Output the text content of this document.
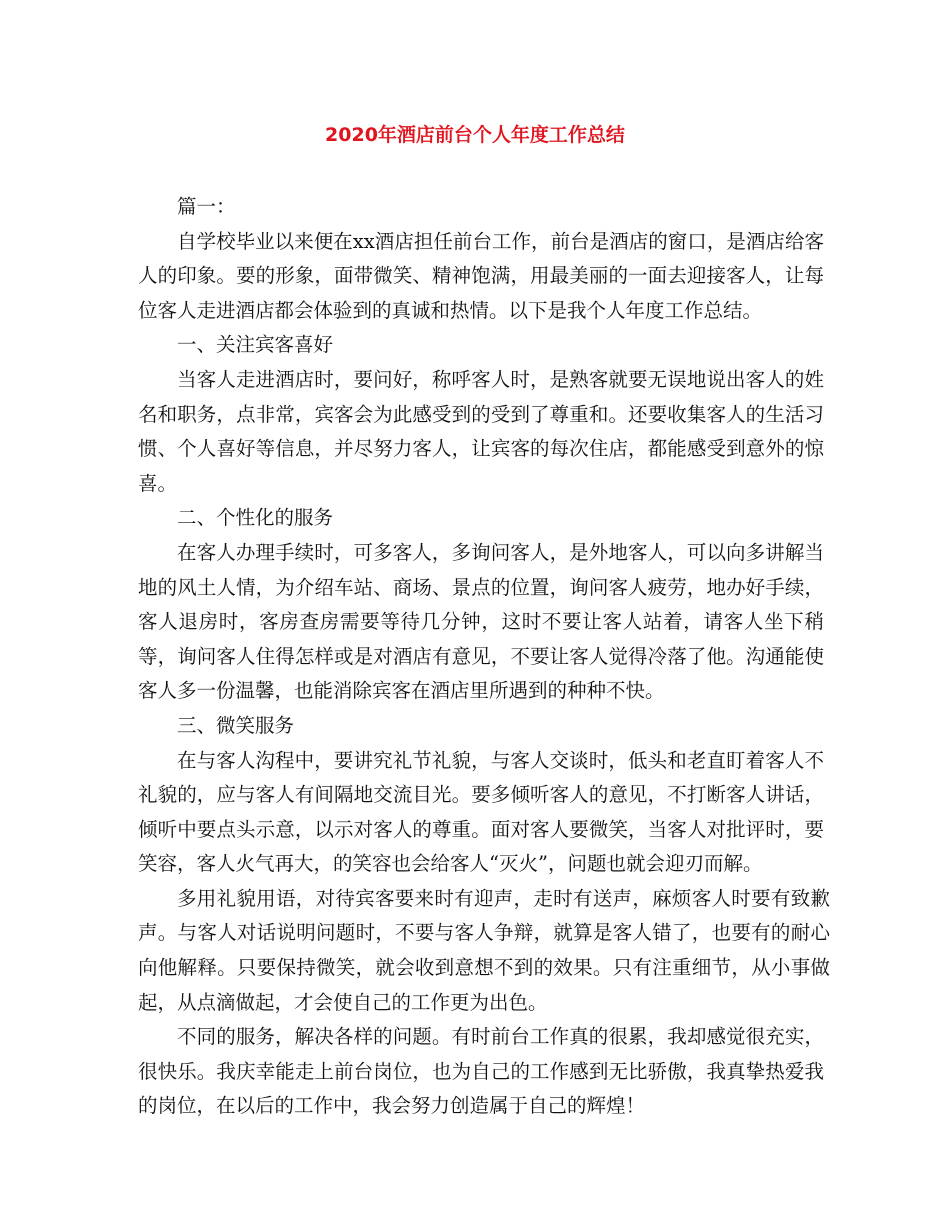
2020年酒店前台个人年度工作总结

篇一：

自学校毕业以来便在xx酒店担任前台工作，前台是酒店的窗口，是酒店给客人的印象。要的形象，面带微笑、精神饱满，用最美丽的一面去迎接客人，让每位客人走进酒店都会体验到的真诚和热情。以下是我个人年度工作总结。

一、关注宾客喜好

当客人走进酒店时，要问好，称呼客人时，是熟客就要无误地说出客人的姓名和职务，点非常，宾客会为此感受到的受到了尊重和。还要收集客人的生活习惯、个人喜好等信息，并尽努力客人，让宾客的每次住店，都能感受到意外的惊喜。

二、个性化的服务

在客人办理手续时，可多客人，多询问客人，是外地客人，可以向多讲解当地的风土人情，为介绍车站、商场、景点的位置，询问客人疲劳，地办好手续，客人退房时，客房查房需要等待几分钟，这时不要让客人站着，请客人坐下稍等，询问客人住得怎样或是对酒店有意见，不要让客人觉得冷落了他。沟通能使客人多一份温馨，也能消除宾客在酒店里所遇到的种种不快。

三、微笑服务

在与客人沟程中，要讲究礼节礼貌，与客人交谈时，低头和老直盯着客人不礼貌的，应与客人有间隔地交流目光。要多倾听客人的意见，不打断客人讲话，倾听中要点头示意，以示对客人的尊重。面对客人要微笑，当客人对批评时，要笑容，客人火气再大，的笑容也会给客人“灭火”，问题也就会迎刃而解。

多用礼貌用语，对待宾客要来时有迎声，走时有送声，麻烦客人时要有致歉声。与客人对话说明问题时，不要与客人争辩，就算是客人错了，也要有的耐心向他解释。只要保持微笑，就会收到意想不到的效果。只有注重细节，从小事做起，从点滴做起，才会使自己的工作更为出色。

不同的服务，解决各样的问题。有时前台工作真的很累，我却感觉很充实，很快乐。我庆幸能走上前台岗位，也为自己的工作感到无比骄傲，我真挚热爱我的岗位，在以后的工作中，我会努力创造属于自己的辉煌！
